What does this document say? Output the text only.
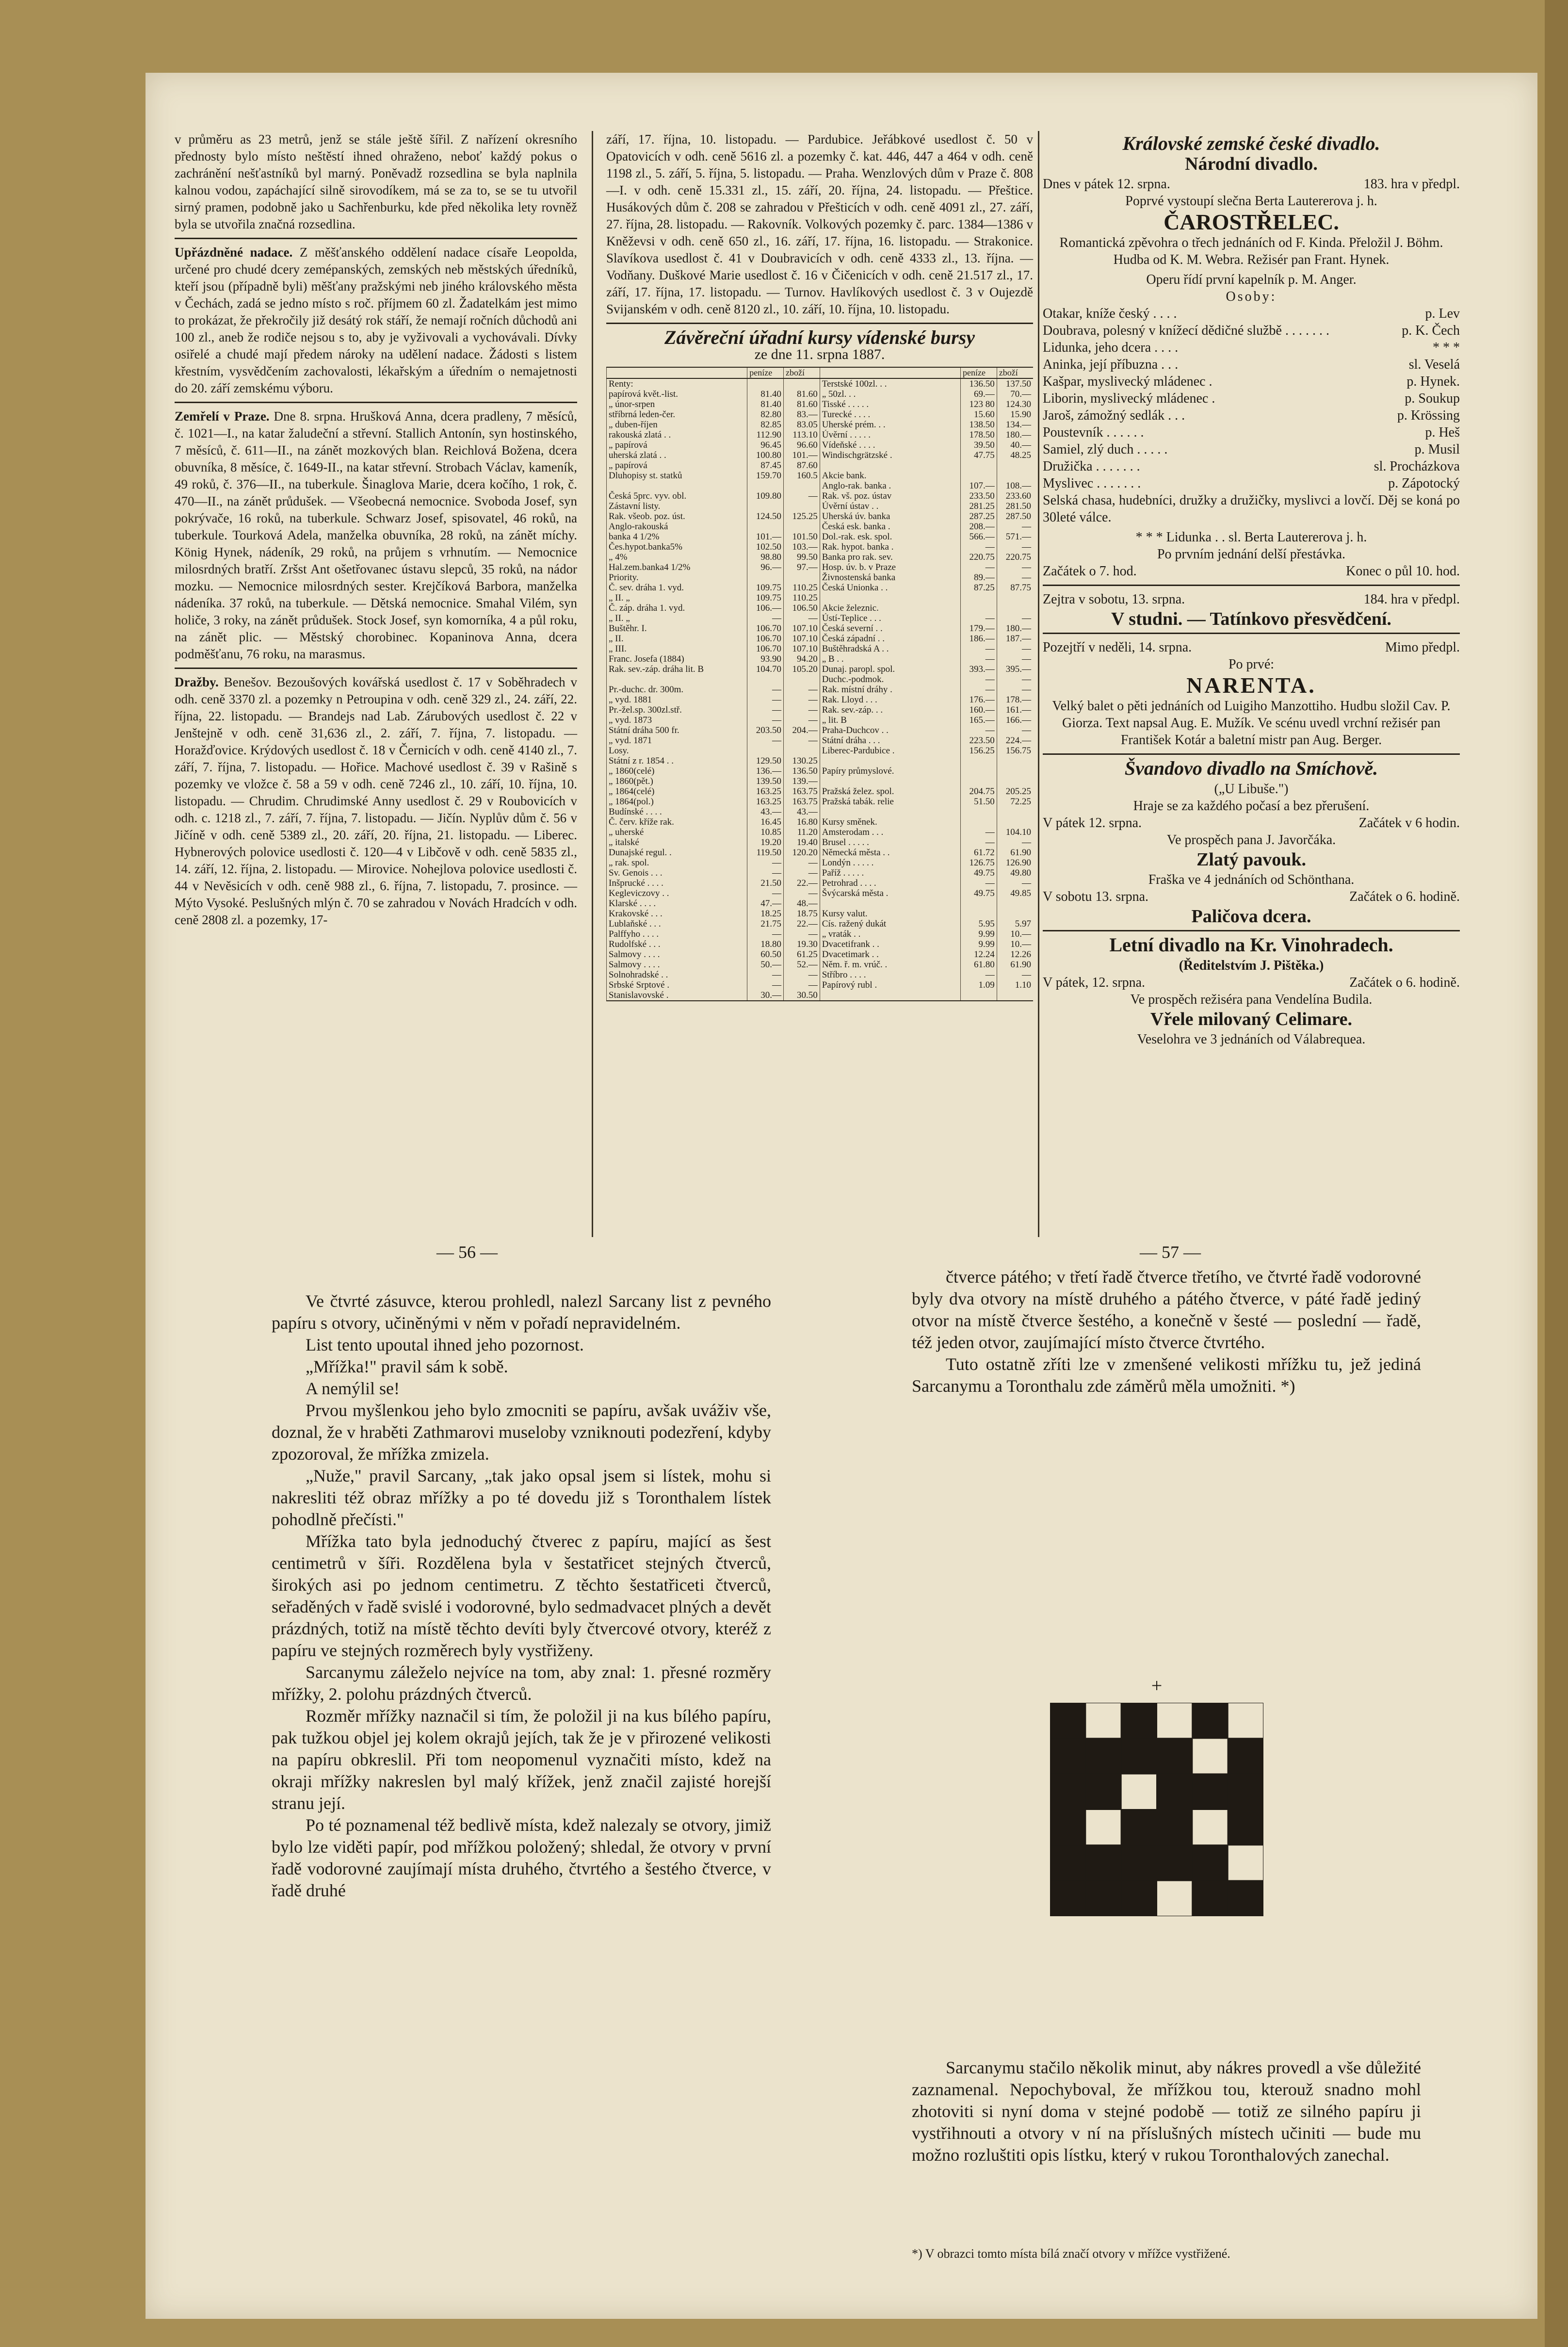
v průměru as 23 metrů, jenž se stále ještě šířil. Z nařízení okresního přednosty bylo místo neštěstí ihned ohraženo, neboť každý pokus o zachránění nešťastníků byl marný. Poněvadž rozsedlina se byla naplnila kalnou vodou, zapáchající silně sirovodíkem, má se za to, se se tu utvořil sirný pramen, podobně jako u Sachřenburku, kde před několika lety rovněž byla se utvořila značná rozsedlina.

Upřázdněné nadace. Z měšťanského oddělení nadace císaře Leopolda, určené pro chudé dcery zemépanských, zemských neb městských úředníků, kteří jsou (případně byli) měšťany pražskými neb jiného královského města v Čechách, zadá se jedno místo s roč. příjmem 60 zl. Žadatelkám jest mimo to prokázat, že překročily již desátý rok stáří, že nemají ročních důchodů ani 100 zl., aneb že rodiče nejsou s to, aby je vyživovali a vychovávali. Dívky osiřelé a chudé mají předem nároky na udělení nadace. Žádosti s listem křestním, vysvědčením zachovalosti, lékařským a úředním o nemajetnosti do 20. září zemskému výboru.

Zemřelí v Praze. Dne 8. srpna. Hrušková Anna, dcera pradleny, 7 měsíců, č. 1021—I., na katar žaludeční a střevní. Stallich Antonín, syn hostinského, 7 měsíců, č. 611—II., na zánět mozkových blan. Reichlová Božena, dcera obuvníka, 8 měsíce, č. 1649-II., na katar střevní. Strobach Václav, kameník, 49 roků, č. 376—II., na tuberkule. Šinaglova Marie, dcera kočího, 1 rok, č. 470—II., na zánět průdušek. — Všeobecná nemocnice. Svoboda Josef, syn pokrývače, 16 roků, na tuberkule. Schwarz Josef, spisovatel, 46 roků, na tuberkule. Tourková Adela, manželka obuvníka, 28 roků, na zánět míchy. König Hynek, nádeník, 29 roků, na průjem s vrhnutím. — Nemocnice milosrdných bratří. Zršst Ant ošetřovanec ústavu slepců, 35 roků, na nádor mozku. — Nemocnice milosrdných sester. Krejčíková Barbora, manželka nádeníka. 37 roků, na tuberkule. — Dětská nemocnice. Smahal Vilém, syn holiče, 3 roky, na zánět průdušek. Stock Josef, syn komorníka, 4 a půl roku, na zánět plic. — Městský chorobinec. Kopaninova Anna, dcera podměšťanu, 76 roku, na marasmus.

Dražby. Benešov. Bezoušových kovářská usedlost č. 17 v Soběhradech v odh. ceně 3370 zl. a pozemky n Petroupina v odh. ceně 329 zl., 24. září, 22. října, 22. listopadu. — Brandejs nad Lab. Zárubových usedlost č. 22 v Jenštejně v odh. ceně 31,636 zl., 2. září, 7. října, 7. listopadu. — Horažďovice. Krýdových usedlost č. 18 v Černicích v odh. ceně 4140 zl., 7. září, 7. října, 7. listopadu. — Hořice. Machové usedlost č. 39 v Rašině s pozemky ve vložce č. 58 a 59 v odh. ceně 7246 zl., 10. září, 10. října, 10. listopadu. — Chrudim. Chrudimské Anny usedlost č. 29 v Roubovicích v odh. c. 1218 zl., 7. září, 7. října, 7. listopadu. — Jičín. Nyplův dům č. 56 v Jičíně v odh. ceně 5389 zl., 20. září, 20. října, 21. listopadu. — Liberec. Hybnerových polovice usedlosti č. 120—4 v Libčově v odh. ceně 5835 zl., 14. září, 12. října, 2. listopadu. — Mirovice. Nohejlova polovice usedlosti č. 44 v Nevěsicích v odh. ceně 988 zl., 6. října, 7. listopadu, 7. prosince. — Mýto Vysoké. Peslušných mlýn č. 70 se zahradou v Novách Hradcích v odh. ceně 2808 zl. a pozemky, 17-

září, 17. října, 10. listopadu. — Pardubice. Jeřábkové usedlost č. 50 v Opatovicích v odh. ceně 5616 zl. a pozemky č. kat. 446, 447 a 464 v odh. ceně 1198 zl., 5. září, 5. října, 5. listopadu. — Praha. Wenzlových dům v Praze č. 808—I. v odh. ceně 15.331 zl., 15. září, 20. října, 24. listopadu. — Přeštice. Husákových dům č. 208 se zahradou v Přešticích v odh. ceně 4091 zl., 27. září, 27. října, 28. listopadu. — Rakovník. Volkových pozemky č. parc. 1384—1386 v Kněževsi v odh. ceně 650 zl., 16. září, 17. října, 16. listopadu. — Strakonice. Slavíkova usedlost č. 41 v Doubravicích v odh. ceně 4333 zl., 13. října. — Vodňany. Duškové Marie usedlost č. 16 v Čičenicích v odh. ceně 21.517 zl., 17. září, 17. října, 17. listopadu. — Turnov. Havlíkových usedlost č. 3 v Oujezdě Svijanském v odh. ceně 8120 zl., 10. září, 10. října, 10. listopadu.

Závěreční úřadní kursy vídenské bursy
ze dne 11. srpna 1887.
	peníze	zboží		peníze	zboží
Renty:			Terstské 100zl. . .	136.50	137.50
papírová květ.-list.	81.40	81.60	„ 50zl. . .	69.—	70.—
„ únor-srpen	81.40	81.60	Tisské . . . . .	123 80	124.30
stříbrná leden-čer.	82.80	83.—	Turecké . . . .	15.60	15.90
„ duben-říjen	82.85	83.05	Uherské prém. . .	138.50	134.—
rakouská zlatá . .	112.90	113.10	Úvěrní . . . . .	178.50	180.—
„ papírová	96.45	96.60	Vídeňské . . . .	39.50	40.—
uherská zlatá . .	100.80	101.—	Windischgrätzské .	47.75	48.25
„ papírová	87.45	87.60			
Dluhopisy st. statků	159.70	160.5	Akcie bank.		
			Anglo-rak. banka .	107.—	108.—
Česká 5prc. vyv. obl.	109.80	—	Rak. vš. poz. ústav	233.50	233.60
Zástavní listy.			Úvěrní ústav . .	281.25	281.50
Rak. všeob. poz. úst.	124.50	125.25	Uherská úv. banka	287.25	287.50
Anglo-rakouská			Česká esk. banka .	208.—	—
banka 4 1/2%	101.—	101.50	Dol.-rak. esk. spol.	566.—	571.—
Čes.hypot.banka5%	102.50	103.—	Rak. hypot. banka .	—	—
„ 4%	98.80	99.50	Banka pro rak. sev.	220.75	220.75
Hal.zem.banka4 1/2%	96.—	97.—	Hosp. úv. b. v Praze	—	—
Priority.			Živnostenská banka	89.—	—
Č. sev. dráha 1. vyd.	109.75	110.25	Česká Unionka . .	87.25	87.75
„ II. „	109.75	110.25			
Č. záp. dráha 1. vyd.	106.—	106.50	Akcie železnic.		
„ II. „	—	—	Ústí-Teplice . . .	—	—
Buštěhr. I.	106.70	107.10	Česká severní . .	179.—	180.—
„ II.	106.70	107.10	Česká západní . .	186.—	187.—
„ III.	106.70	107.10	Buštěhradská A . .	—	—
Franc. Josefa (1884)	93.90	94.20	„ B . .	—	—
Rak. sev.-záp. dráha lit. B	104.70	105.20	Dunaj. paropl. spol.	393.—	395.—
			Duchc.-podmok.	—	—
Pr.-duchc. dr. 300m.	—	—	Rak. místní dráhy .	—	—
„ vyd. 1881	—	—	Rak. Lloyd . . .	176.—	178.—
Pr.-žel.sp. 300zl.stř.	—	—	Rak. sev.-záp. . .	160.—	161.—
„ vyd. 1873	—	—	„ lit. B	165.—	166.—
Státní dráha 500 fr.	203.50	204.—	Praha-Duchcov . .	—	—
„ vyd. 1871	—	—	Státní dráha . . .	223.50	224.—
Losy.			Liberec-Pardubice .	156.25	156.75
Státní z r. 1854 . .	129.50	130.25			
„ 1860(celé)	136.—	136.50	Papíry průmyslové.		
„ 1860(pět.)	139.50	139.—			
„ 1864(celé)	163.25	163.75	Pražská želez. spol.	204.75	205.25
„ 1864(pol.)	163.25	163.75	Pražská tabák. relie	51.50	72.25
Budínské . . . .	43.—	43.—			
Č. červ. kříže rak.	16.45	16.80	Kursy směnek.		
„ uherské	10.85	11.20	Amsterodam . . .	—	104.10
„ italské	19.20	19.40	Brusel . . . . .	—	—
Dunajské regul. .	119.50	120.20	Německá města . .	61.72	61.90
„ rak. spol.	—	—	Londýn . . . . .	126.75	126.90
Sv. Genois . . .	—	—	Paříž . . . . .	49.75	49.80
Inšprucké . . . .	21.50	22.—	Petrohrad . . . .	—	—
Kegleviczovy . .	—	—	Švýcarská města .	49.75	49.85
Klarské . . . .	47.—	48.—			
Krakovské . . .	18.25	18.75	Kursy valut.		
Lublaňské . . .	21.75	22.—	Cís. ražený dukát	5.95	5.97
Palffyho . . . .	—	—	„ vraták . .	9.99	10.—
Rudolfské . . .	18.80	19.30	Dvacetifrank . .	9.99	10.—
Salmovy . . . .	60.50	61.25	Dvacetimark . .	12.24	12.26
Salmovy . . . .	50.—	52.—	Něm. ř. m. vrúč. .	61.80	61.90
Solnohradské . .	—	—	Stříbro . . . .	—	—
Srbské Srptové .	—	—	Papírový rubl .	1.09	1.10
Stanislavovské .	30.—	30.50			
Královské zemské české divadlo.
Národní divadlo.
Dnes v pátek 12. srpna.	183. hra v předpl.
Poprvé vystoupí slečna Berta Lautererova j. h.
ČAROSTŘELEC.

Romantická zpěvohra o třech jednáních od F. Kinda. Přeložil J. Böhm. Hudba od K. M. Webra. Režisér pan Frant. Hynek.

Operu řídí první kapelník p. M. Anger.
Osoby:
Otakar, kníže český . . . .	p. Lev
Doubrava, polesný v knížecí dědičné službě . . . . . . .	p. K. Čech
Lidunka, jeho dcera . . . .	* * *
Aninka, její příbuzna . . .	sl. Veselá
Kašpar, myslivecký mládenec .	p. Hynek.
Liborin, myslivecký mládenec .	p. Soukup
Jaroš, zámožný sedlák . . .	p. Krössing
Poustevník . . . . . .	p. Heš
Samiel, zlý duch . . . . .	p. Musil
Družička . . . . . . .	sl. Procházkova
Myslivec . . . . . . .	p. Zápotocký

Selská chasa, hudebníci, družky a družičky, myslivci a lovčí. Děj se koná po 30leté válce.

* * * Lidunka . . sl. Berta Lautererova j. h.
Po prvním jednání delší přestávka.
Začátek o 7. hod.	Konec o půl 10. hod.
Zejtra v sobotu, 13. srpna.	184. hra v předpl.
V studni. — Tatínkovo přesvědčení.
Pozejtří v neděli, 14. srpna.	Mimo předpl.
Po prvé:
NARENTA.

Velký balet o pěti jednáních od Luigiho Manzottiho. Hudbu složil Cav. P. Giorza. Text napsal Aug. E. Mužík. Ve scénu uvedl vrchní režisér pan František Kotár a baletní mistr pan Aug. Berger.

Švandovo divadlo na Smíchově.
(„U Libuše.")
Hraje se za každého počasí a bez přerušení.
V pátek 12. srpna.	Začátek v 6 hodin.
Ve prospěch pana J. Javorčáka.
Zlatý pavouk.
Fraška ve 4 jednáních od Schönthana.
V sobotu 13. srpna.	Začátek o 6. hodině.
Paličova dcera.
Letní divadlo na Kr. Vinohradech.
(Ředitelstvím J. Pištěka.)
V pátek, 12. srpna.	Začátek o 6. hodině.
Ve prospěch režiséra pana Vendelína Budila.
Vřele milovaný Celimare.
Veselohra ve 3 jednáních od Válabrequea.
— 56 —	— 57 —

Ve čtvrté zásuvce, kterou prohledl, nalezl Sarcany list z pevného papíru s otvory, učiněnými v něm v pořadí nepravidelném.

List tento upoutal ihned jeho pozornost.

„Mřížka!" pravil sám k sobě.

A nemýlil se!

Prvou myšlenkou jeho bylo zmocniti se papíru, avšak uváživ vše, doznal, že v hraběti Zathmarovi museloby vzniknouti podezření, kdyby zpozoroval, že mřížka zmizela.

„Nuže," pravil Sarcany, „tak jako opsal jsem si lístek, mohu si nakresliti též obraz mřížky a po té dovedu již s Toronthalem lístek pohodlně přečísti."

Mřížka tato byla jednoduchý čtverec z papíru, mající as šest centimetrů v šíři. Rozdělena byla v šestatřicet stejných čtverců, širokých asi po jednom centimetru. Z těchto šestatřiceti čtverců, seřaděných v řadě svislé i vodorovné, bylo sedmadvacet plných a devět prázdných, totiž na místě těchto devíti byly čtvercové otvory, kteréž z papíru ve stejných rozměrech byly vystřiženy.

Sarcanymu záleželo nejvíce na tom, aby znal: 1. přesné rozměry mřížky, 2. polohu prázdných čtverců.

Rozměr mřížky naznačil si tím, že položil ji na kus bílého papíru, pak tužkou objel jej kolem okrajů jejích, tak že je v přirozené velikosti na papíru obkreslil. Při tom neopomenul vyznačiti místo, kdež na okraji mřížky nakreslen byl malý křížek, jenž značil zajisté horejší stranu její.

Po té poznamenal též bedlivě místa, kdež nalezaly se otvory, jimiž bylo lze viděti papír, pod mřížkou položený; shledal, že otvory v první řadě vodorovné zaujímají místa druhého, čtvrtého a šestého čtverce, v řadě druhé

čtverce pátého; v třetí řadě čtverce třetího, ve čtvrté řadě vodorovné byly dva otvory na místě druhého a pátého čtverce, v páté řadě jediný otvor na místě čtverce šestého, a konečně v šesté — poslední — řadě, též jeden otvor, zaujímající místo čtverce čtvrtého.

Tuto ostatně zříti lze v zmenšené velikosti mřížku tu, jež jediná Sarcanymu a Toronthalu zde záměrů měla umožniti. *)

Sarcanymu stačilo několik minut, aby nákres provedl a vše důležité zaznamenal. Nepochyboval, že mřížkou tou, kterouž snadno mohl zhotoviti si nyní doma v stejné podobě — totiž ze silného papíru ji vystřihnouti a otvory v ní na příslušných místech učiniti — bude mu možno rozluštiti opis lístku, který v rukou Toronthalových zanechal.

+
*) V obrazci tomto místa bílá značí otvory v mřížce vystřižené.
